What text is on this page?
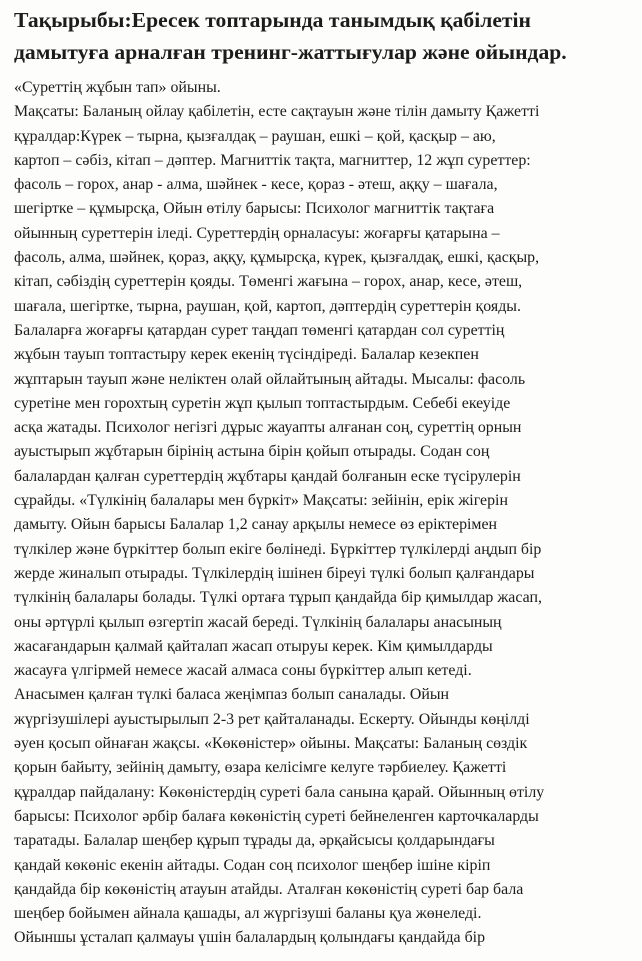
Тақырыбы:Ересек топтарында танымдық қабілетін
дамытуға арналған тренинг-жаттығулар және ойындар.
«Суреттің жұбын тап» ойыны.
Мақсаты: Баланың ойлау қабілетін, есте сақтауын және тілін дамыту Қажетті
құралдар:Күрек – тырна, қызғалдақ – раушан, ешкі – қой, қасқыр – аю,
картоп – сәбіз, кітап – дәптер. Магниттік тақта, магниттер, 12 жұп суреттер:
фасоль – горох, анар - алма, шәйнек - кесе, қораз - әтеш, аққу – шағала,
шегіртке – құмырсқа, Ойын өтілу барысы: Психолог магниттік тақтаға
ойынның суреттерін іледі. Суреттердің орналасуы: жоғарғы қатарына –
фасоль, алма, шәйнек, қораз, аққу, құмырсқа, күрек, қызғалдақ, ешкі, қасқыр,
кітап, сәбіздің суреттерін қояды. Төменгі жағына – горох, анар, кесе, әтеш,
шағала, шегіртке, тырна, раушан, қой, картоп, дәптердің суреттерін қояды.
Балаларға жоғарғы қатардан сурет таңдап төменгі қатардан сол суреттің
жұбын тауып топтастыру керек екенің түсіндіреді. Балалар кезекпен
жұптарын тауып және неліктен олай ойлайтының айтады. Мысалы: фасоль
суретіне мен горохтың суретін жұп қылып топтастырдым. Себебі екеуіде
асқа жатады. Психолог негізгі дұрыс жауапты алғанан соң, суреттің орнын
ауыстырып жұбтарын бірінің астына бірін қойып отырады. Содан соң
балалардан қалған суреттердің жұбтары қандай болғанын еске түсірулерін
сұрайды. «Түлкінің балалары мен бүркіт» Мақсаты: зейінін, ерік жігерін
дамыту. Ойын барысы Балалар 1,2 санау арқылы немесе өз еріктерімен
түлкілер және бүркіттер болып екіге бөлінеді. Бүркіттер түлкілерді аңдып бір
жерде жиналып отырады. Түлкілердің ішінен біреуі түлкі болып қалғандары
түлкінің балалары болады. Түлкі ортаға тұрып қандайда бір қимылдар жасап,
оны әртүрлі қылып өзгертіп жасай береді. Түлкінің балалары анасының
жасағандарын қалмай қайталап жасап отыруы керек. Кім қимылдарды
жасауға үлгірмей немесе жасай алмаса соны бүркіттер алып кетеді.
Анасымен қалған түлкі баласа жеңімпаз болып саналады. Ойын
жүргізушілері ауыстырылып 2-3 рет қайталанады. Ескерту. Ойынды көңілді
әуен қосып ойнаған жақсы. «Көкөністер» ойыны. Мақсаты: Баланың сөздік
қорын байыту, зейінің дамыту, өзара келісімге келуге тәрбиелеу. Қажетті
құралдар пайдалану: Көкөністердің суреті бала санына қарай. Ойынның өтілу
барысы: Психолог әрбір балаға көкөністің суреті бейнеленген карточкаларды
таратады. Балалар шеңбер құрып тұрады да, әрқайсысы қолдарындағы
қандай көкөніс екенін айтады. Содан соң психолог шеңбер ішіне кіріп
қандайда бір көкөністің атауын атайды. Аталған көкөністің суреті бар бала
шеңбер бойымен айнала қашады, ал жүргізуші баланы қуа жөнеледі.
Ойыншы ұсталап қалмауы үшін балалардың қолындағы қандайда бір
